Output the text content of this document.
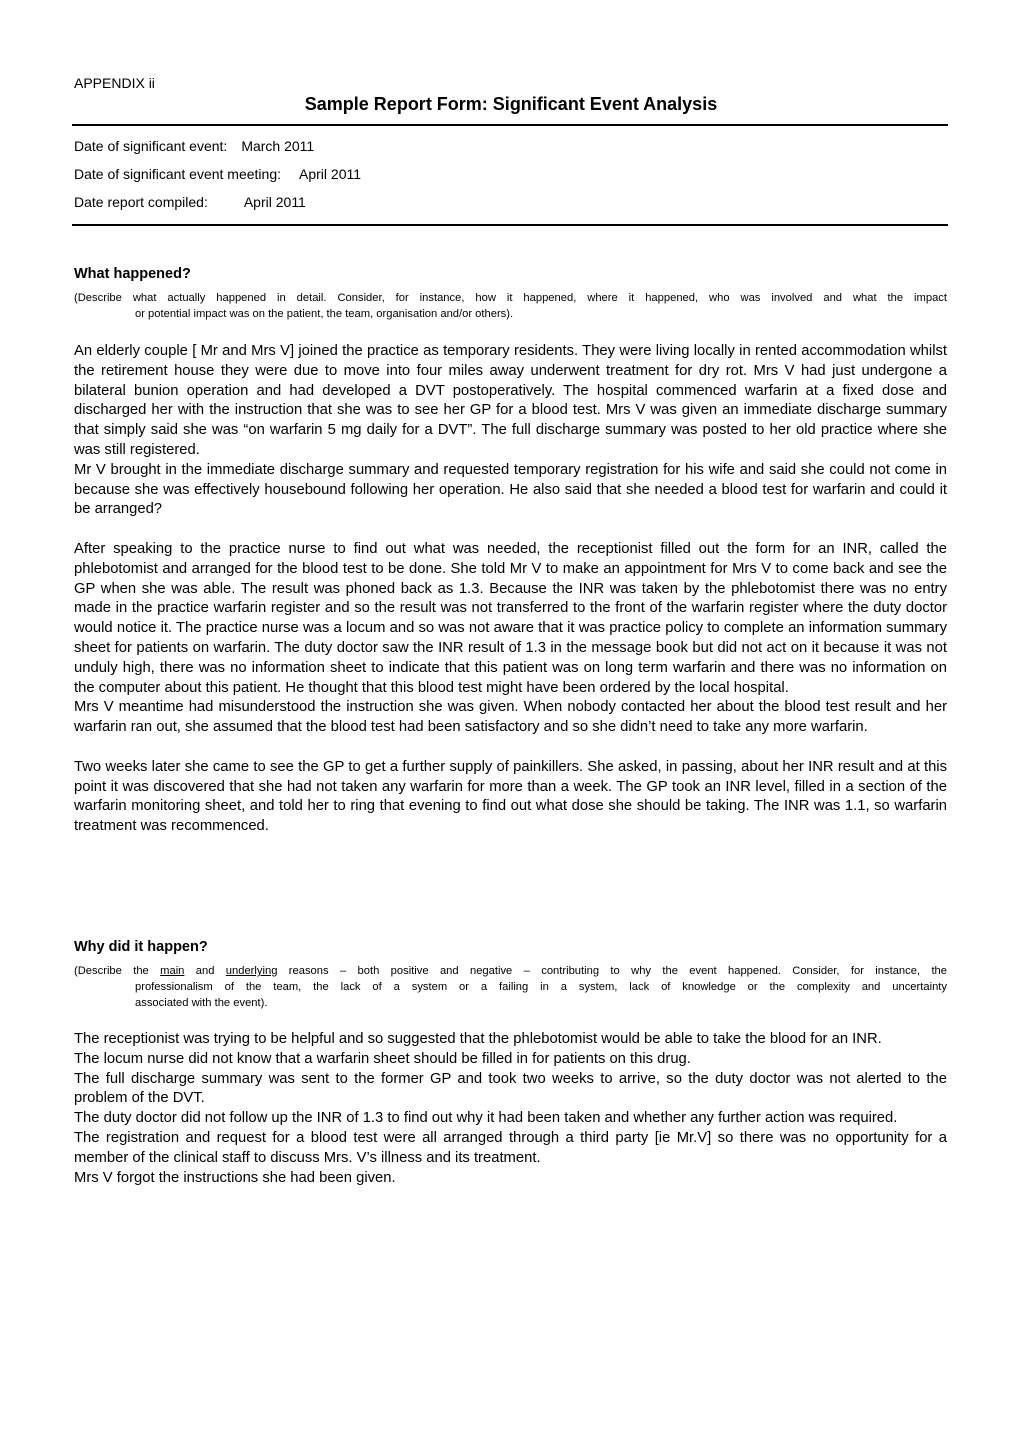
APPENDIX ii
Sample Report Form: Significant Event Analysis
Date of significant event: March 2011
Date of significant event meeting: April 2011
Date report compiled:	April 2011
What happened?
(Describe what actually happened in detail. Consider, for instance, how it happened, where it happened, who was involved and what the impact
or potential impact was on the patient, the team, organisation and/or others).

An elderly couple [ Mr and Mrs V] joined the practice as temporary residents. They were living locally in rented accommodation whilst the retirement house they were due to move into four miles away underwent treatment for dry rot. Mrs V had just undergone a bilateral bunion operation and had developed a DVT postoperatively. The hospital commenced warfarin at a fixed dose and discharged her with the instruction that she was to see her GP for a blood test. Mrs V was given an immediate discharge summary that simply said she was “on warfarin 5 mg daily for a DVT”. The full discharge summary was posted to her old practice where she was still registered.

Mr V brought in the immediate discharge summary and requested temporary registration for his wife and said she could not come in because she was effectively housebound following her operation. He also said that she needed a blood test for warfarin and could it be arranged?

After speaking to the practice nurse to find out what was needed, the receptionist filled out the form for an INR, called the phlebotomist and arranged for the blood test to be done. She told Mr V to make an appointment for Mrs V to come back and see the GP when she was able. The result was phoned back as 1.3. Because the INR was taken by the phlebotomist there was no entry made in the practice warfarin register and so the result was not transferred to the front of the warfarin register where the duty doctor would notice it. The practice nurse was a locum and so was not aware that it was practice policy to complete an information summary sheet for patients on warfarin. The duty doctor saw the INR result of 1.3 in the message book but did not act on it because it was not unduly high, there was no information sheet to indicate that this patient was on long term warfarin and there was no information on the computer about this patient. He thought that this blood test might have been ordered by the local hospital.

Mrs V meantime had misunderstood the instruction she was given. When nobody contacted her about the blood test result and her warfarin ran out, she assumed that the blood test had been satisfactory and so she didn’t need to take any more warfarin.

Two weeks later she came to see the GP to get a further supply of painkillers. She asked, in passing, about her INR result and at this point it was discovered that she had not taken any warfarin for more than a week. The GP took an INR level, filled in a section of the warfarin monitoring sheet, and told her to ring that evening to find out what dose she should be taking. The INR was 1.1, so warfarin treatment was recommenced.

Why did it happen?
(Describe the main and underlying reasons – both positive and negative – contributing to why the event happened. Consider, for instance, the
professionalism of the team, the lack of a system or a failing in a system, lack of knowledge or the complexity and uncertainty
associated with the event).

The receptionist was trying to be helpful and so suggested that the phlebotomist would be able to take the blood for an INR.

The locum nurse did not know that a warfarin sheet should be filled in for patients on this drug.

The full discharge summary was sent to the former GP and took two weeks to arrive, so the duty doctor was not alerted to the problem of the DVT.

The duty doctor did not follow up the INR of 1.3 to find out why it had been taken and whether any further action was required.

The registration and request for a blood test were all arranged through a third party [ie Mr.V] so there was no opportunity for a member of the clinical staff to discuss Mrs. V’s illness and its treatment.

Mrs V forgot the instructions she had been given.
